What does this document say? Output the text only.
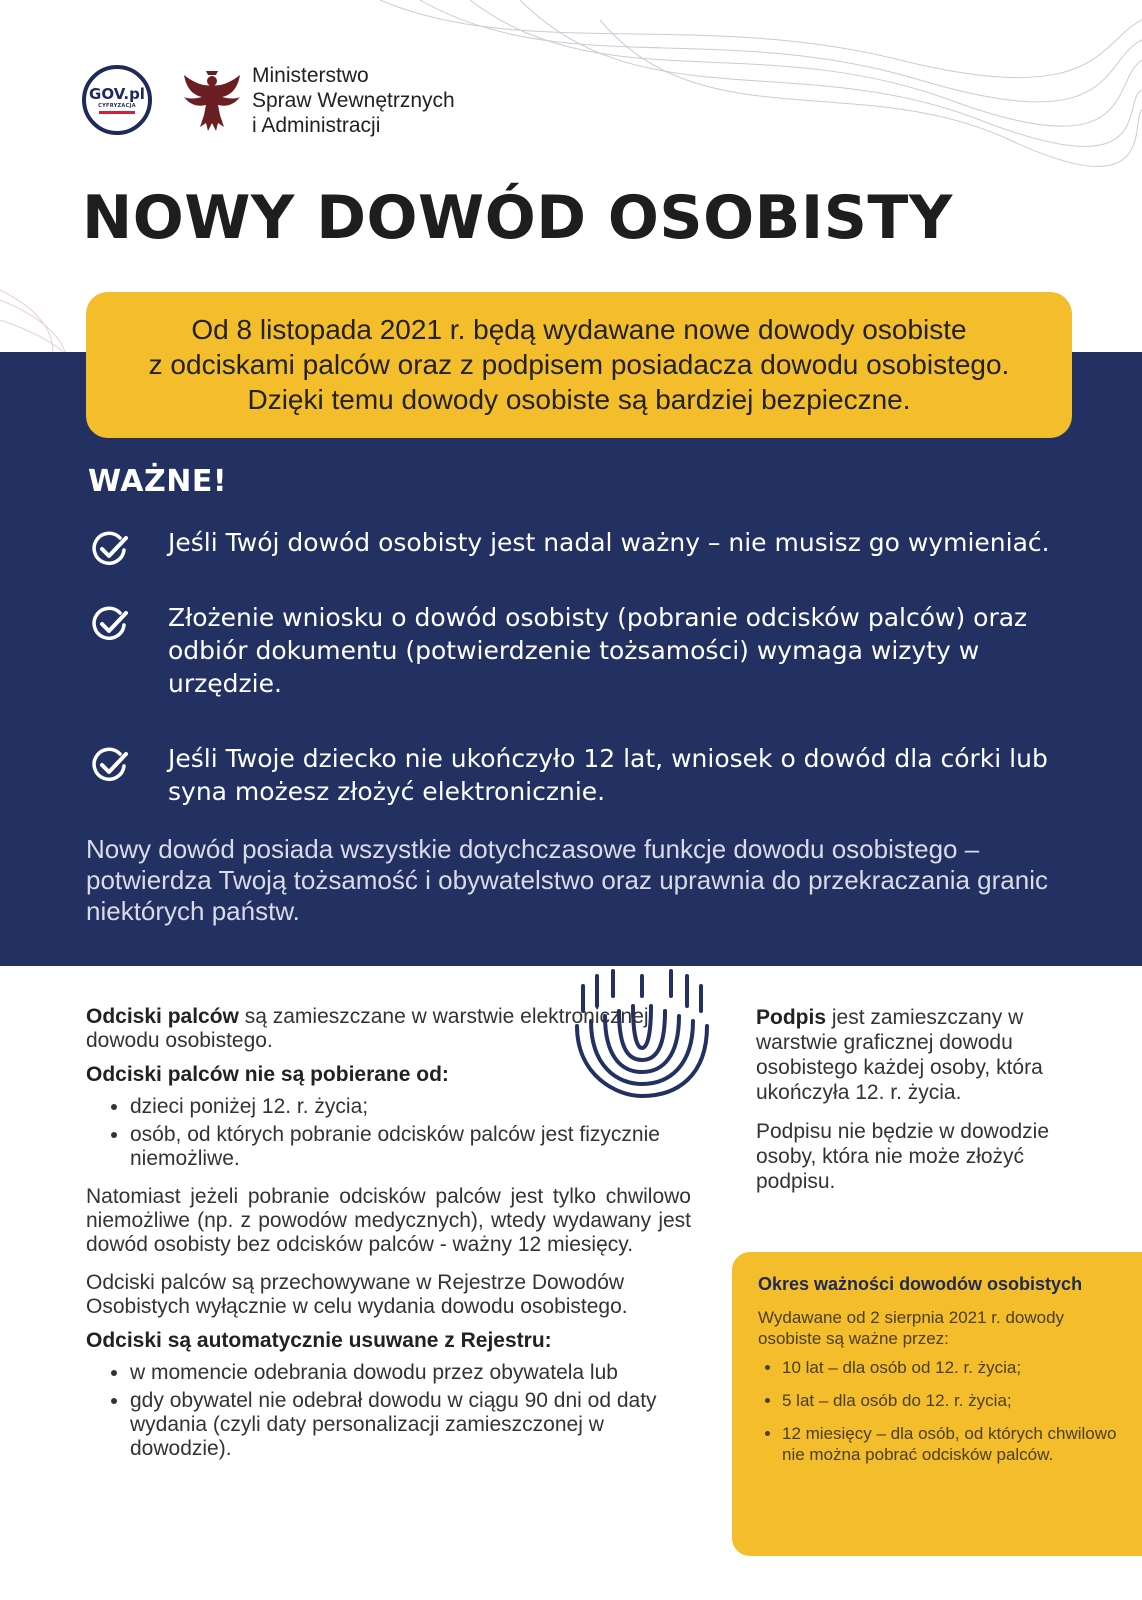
GOV.pl
CYFRYZACJA
Ministerstwo
Spraw Wewnętrznych
i Administracji
NOWY DOWÓD OSOBISTY

Od 8 listopada 2021 r. będą wydawane nowe dowody osobiste

z odciskami palców oraz z podpisem posiadacza dowodu osobistego.

Dzięki temu dowody osobiste są bardziej bezpieczne.

WAŻNE!
Jeśli Twój dowód osobisty jest nadal ważny – nie musisz go wymieniać.
Złożenie wniosku o dowód osobisty (pobranie odcisków palców) oraz odbiór dokumentu (potwierdzenie tożsamości) wymaga wizyty w urzędzie.
Jeśli Twoje dziecko nie ukończyło 12 lat, wniosek o dowód dla córki lub syna możesz złożyć elektronicznie.

Nowy dowód posiada wszystkie dotychczasowe funkcje dowodu osobistego – potwierdza Twoją tożsamość i obywatelstwo oraz uprawnia do przekraczania granic niektórych państw.

Odciski palców są zamieszczane w warstwie elektronicznej dowodu osobistego.

Odciski palców nie są pobierane od:

• dzieci poniżej 12. r. życia;
• osób, od których pobranie odcisków palców jest fizycznie niemożliwe.

Natomiast jeżeli pobranie odcisków palców jest tylko chwilowo niemożliwe (np. z powodów medycznych), wtedy wydawany jest dowód osobisty bez odcisków palców - ważny 12 miesięcy.

Odciski palców są przechowywane w Rejestrze Dowodów Osobistych wyłącznie w celu wydania dowodu osobistego.

Odciski są automatycznie usuwane z Rejestru:

• w momencie odebrania dowodu przez obywatela lub
• gdy obywatel nie odebrał dowodu w ciągu 90 dni od daty wydania (czyli daty personalizacji zamieszczonej w dowodzie).

Podpis jest zamieszczany w warstwie graficznej dowodu osobistego każdej osoby, która ukończyła 12. r. życia.

Podpisu nie będzie w dowodzie osoby, która nie może złożyć podpisu.

Okres ważności dowodów osobistych
Wydawane od 2 sierpnia 2021 r. dowody osobiste są ważne przez:
• 10 lat – dla osób od 12. r. życia;
• 5 lat – dla osób do 12. r. życia;
• 12 miesięcy – dla osób, od których chwilowo nie można pobrać odcisków palców.
